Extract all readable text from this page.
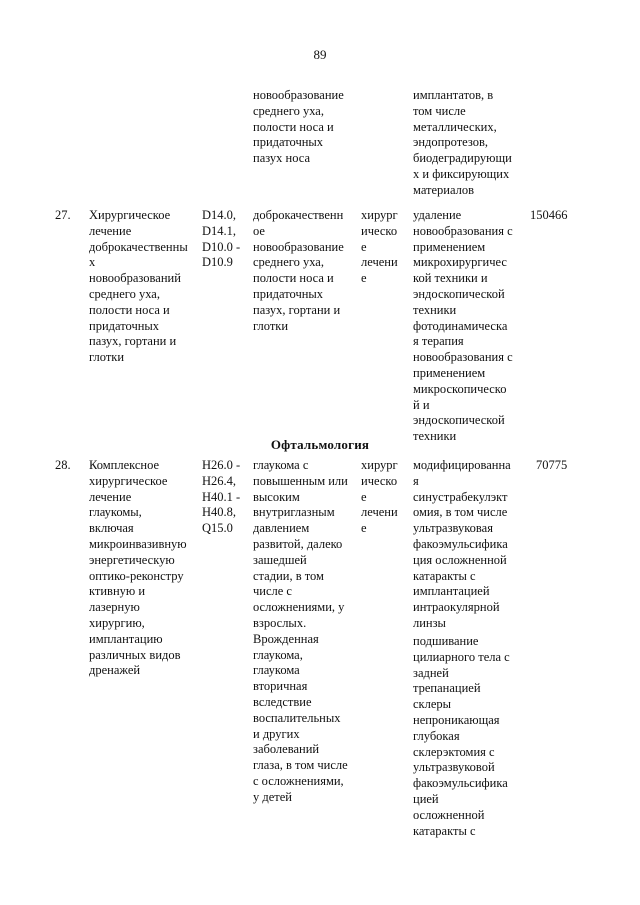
89
новообразование
среднего уха,
полости носа и
придаточных
пазух носа
имплантатов, в
том числе
металлических,
эндопротезов,
биодеградирующи
х и фиксирующих
материалов
27. Хирургическое
лечение
доброкачественны
х
новообразований
среднего уха,
полости носа и
придаточных
пазух, гортани и
глотки
D14.0,
D14.1,
D10.0 -
D10.9
доброкачественн
ое
новообразование
среднего уха,
полости носа и
придаточных
пазух, гортани и
глотки
хирург
ическо
е
лечени
е
удаление
новообразования с
применением
микрохирургичес
кой техники и
эндоскопической
техники
фотодинамическа
я терапия
новообразования с
применением
микроскопическо
й и
эндоскопической
техники
150466
Офтальмология
28. Комплексное
хирургическое
лечение
глаукомы,
включая
микроинвазивную
энергетическую
оптико-реконстру
ктивную и
лазерную
хирургию,
имплантацию
различных видов
дренажей
H26.0 -
H26.4,
H40.1 -
H40.8,
Q15.0
глаукома с
повышенным или
высоким
внутриглазным
давлением
развитой, далеко
зашедшей
стадии, в том
числе с
осложнениями, у
взрослых.
Врожденная
глаукома,
глаукома
вторичная
вследствие
воспалительных
и других
заболеваний
глаза, в том числе
с осложнениями,
у детей
хирург
ическо
е
лечени
е
модифицированна
я
синустрабекулэкт
омия, в том числе
ультразвуковая
факоэмульсифика
ция осложненной
катаракты с
имплантацией
интраокулярной
линзы
подшивание
цилиарного тела с
задней
трепанацией
склеры
непроникающая
глубокая
склерэктомия с
ультразвуковой
факоэмульсифика
цией
осложненной
катаракты с
70775
